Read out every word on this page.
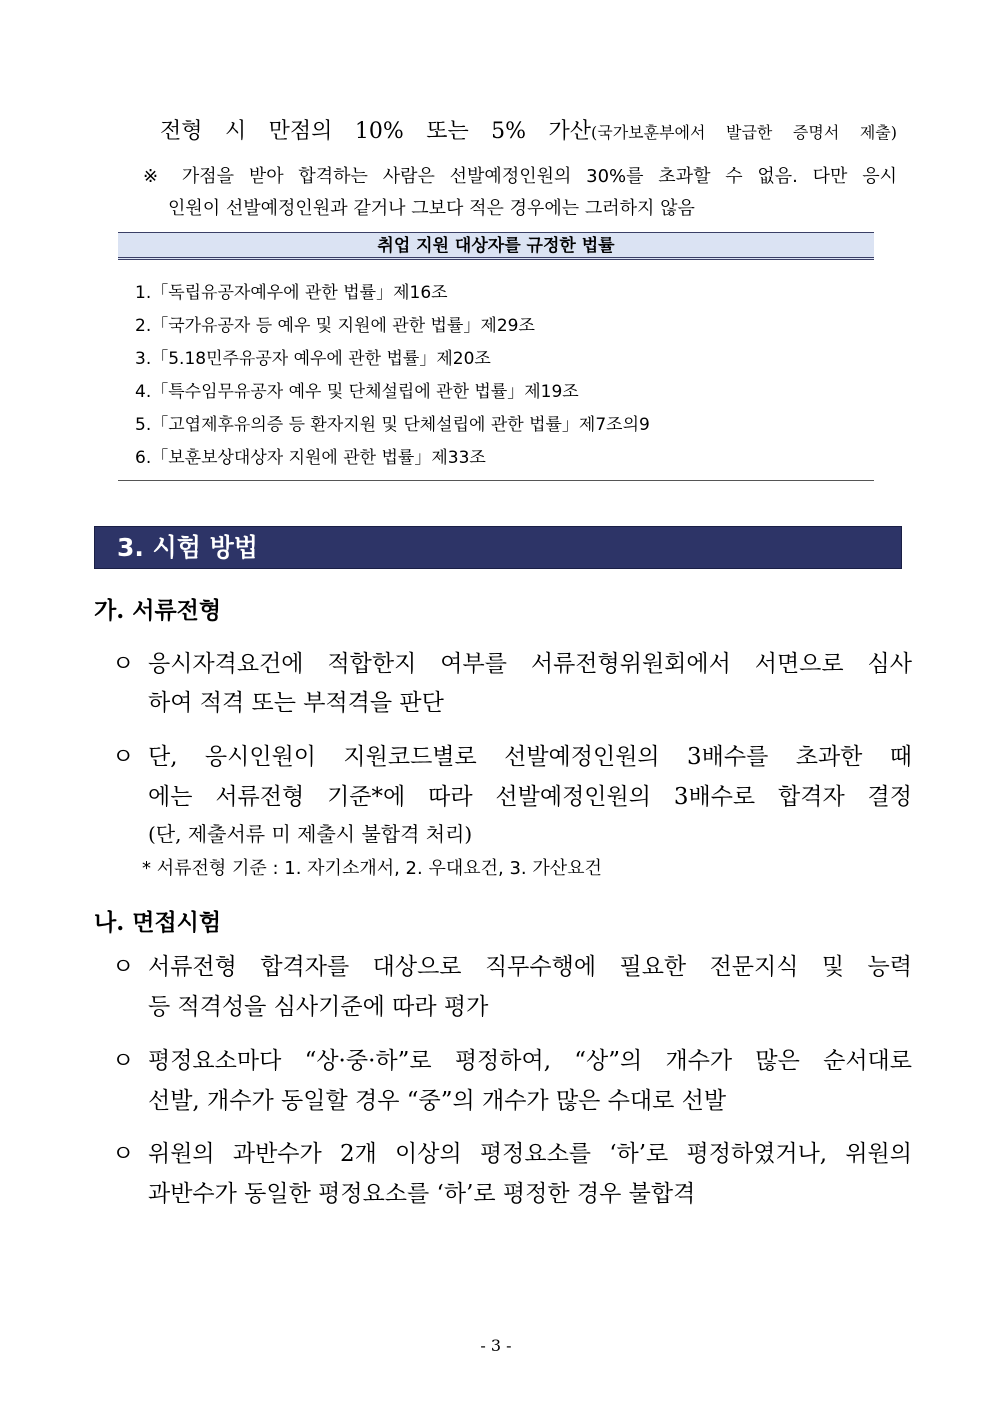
전형 시 만점의 10% 또는 5% 가산(국가보훈부에서 발급한 증명서 제출)
※ 가점을 받아 합격하는 사람은 선발예정인원의 30%를 초과할 수 없음. 다만 응시
인원이 선발예정인원과 같거나 그보다 적은 경우에는 그러하지 않음
취업 지원 대상자를 규정한 법률
1.「독립유공자예우에 관한 법률」제16조
2.「국가유공자 등 예우 및 지원에 관한 법률」제29조
3.「5.18민주유공자 예우에 관한 법률」제20조
4.「특수임무유공자 예우 및 단체설립에 관한 법률」제19조
5.「고엽제후유의증 등 환자지원 및 단체설립에 관한 법률」제7조의9
6.「보훈보상대상자 지원에 관한 법률」제33조
3. 시험 방법
가. 서류전형
ㅇ 응시자격요건에 적합한지 여부를 서류전형위원회에서 서면으로 심사
하여 적격 또는 부적격을 판단
ㅇ 단, 응시인원이 지원코드별로 선발예정인원의 3배수를 초과한 때
에는 서류전형 기준*에 따라 선발예정인원의 3배수로 합격자 결정
(단, 제출서류 미 제출시 불합격 처리)
* 서류전형 기준 : 1. 자기소개서, 2. 우대요건, 3. 가산요건
나. 면접시험
ㅇ 서류전형 합격자를 대상으로 직무수행에 필요한 전문지식 및 능력
등 적격성을 심사기준에 따라 평가
ㅇ 평정요소마다 “상·중·하”로 평정하여, “상”의 개수가 많은 순서대로
선발, 개수가 동일할 경우 “중”의 개수가 많은 수대로 선발
ㅇ 위원의 과반수가 2개 이상의 평정요소를 ‘하’로 평정하였거나, 위원의
과반수가 동일한 평정요소를 ‘하’로 평정한 경우 불합격
- 3 -
